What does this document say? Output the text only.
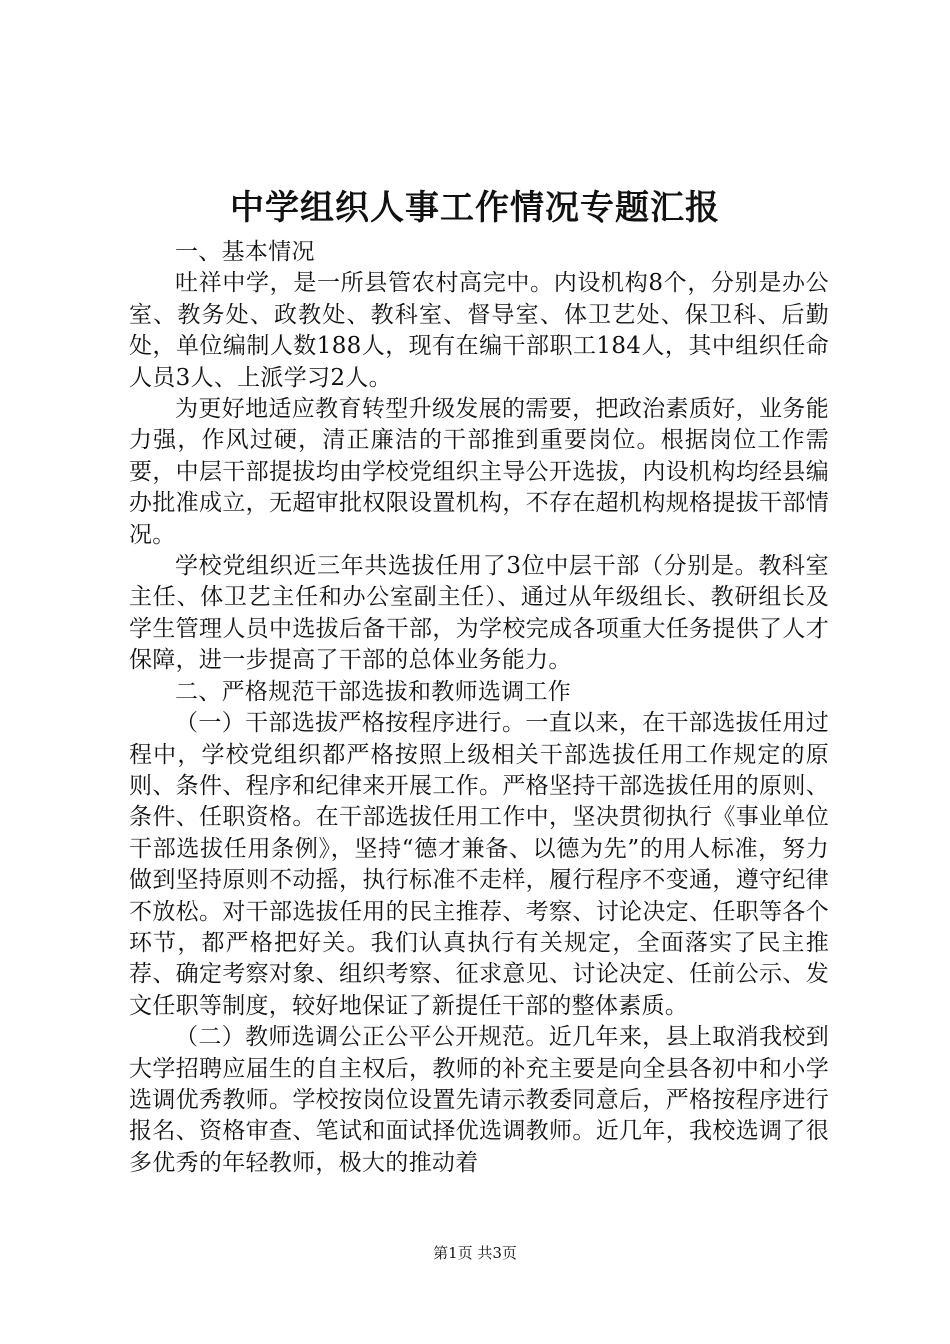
中学组织人事工作情况专题汇报

一、基本情况

吐祥中学，是一所县管农村高完中。内设机构8个，分别是办公室、教务处、政教处、教科室、督导室、体卫艺处、保卫科、后勤处，单位编制人数188人，现有在编干部职工184人，其中组织任命人员3人、上派学习2人。

为更好地适应教育转型升级发展的需要，把政治素质好，业务能力强，作风过硬，清正廉洁的干部推到重要岗位。根据岗位工作需要，中层干部提拔均由学校党组织主导公开选拔，内设机构均经县编办批准成立，无超审批权限设置机构，不存在超机构规格提拔干部情况。

学校党组织近三年共选拔任用了3位中层干部（分别是。教科室主任、体卫艺主任和办公室副主任）、通过从年级组长、教研组长及学生管理人员中选拔后备干部，为学校完成各项重大任务提供了人才保障，进一步提高了干部的总体业务能力。

二、严格规范干部选拔和教师选调工作

（一）干部选拔严格按程序进行。一直以来，在干部选拔任用过程中，学校党组织都严格按照上级相关干部选拔任用工作规定的原则、条件、程序和纪律来开展工作。严格坚持干部选拔任用的原则、条件、任职资格。在干部选拔任用工作中，坚决贯彻执行《事业单位干部选拔任用条例》，坚持“德才兼备、以德为先”的用人标准，努力做到坚持原则不动摇，执行标准不走样，履行程序不变通，遵守纪律不放松。对干部选拔任用的民主推荐、考察、讨论决定、任职等各个环节，都严格把好关。我们认真执行有关规定，全面落实了民主推荐、确定考察对象、组织考察、征求意见、讨论决定、任前公示、发文任职等制度，较好地保证了新提任干部的整体素质。

（二）教师选调公正公平公开规范。近几年来，县上取消我校到大学招聘应届生的自主权后，教师的补充主要是向全县各初中和小学选调优秀教师。学校按岗位设置先请示教委同意后，严格按程序进行报名、资格审查、笔试和面试择优选调教师。近几年，我校选调了很多优秀的年轻教师，极大的推动着

第1页 共3页
